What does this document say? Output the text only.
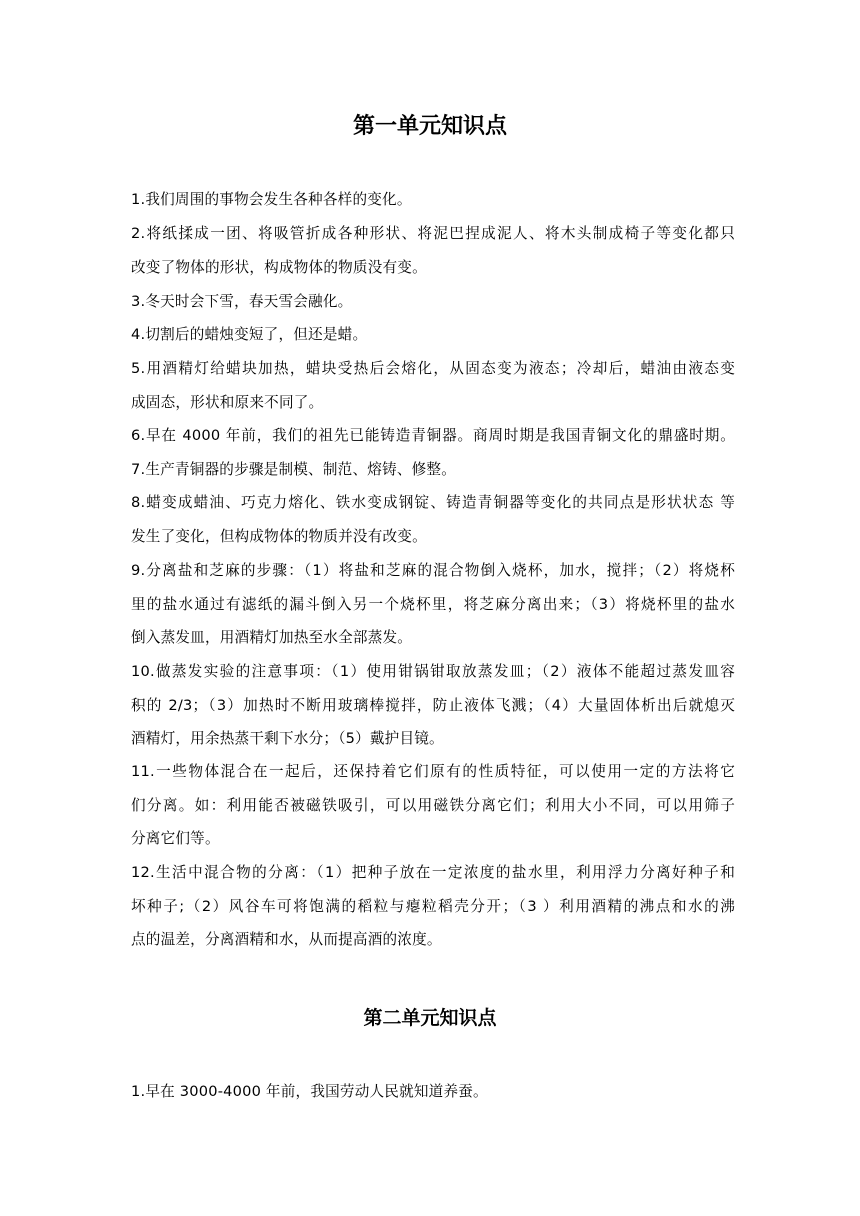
第一单元知识点
1.我们周围的事物会发生各种各样的变化。
2.将纸揉成一团、将吸管折成各种形状、将泥巴捏成泥人、将木头制成椅子等变化都只
改变了物体的形状，构成物体的物质没有变。
3.冬天时会下雪，春天雪会融化。
4.切割后的蜡烛变短了，但还是蜡。
5.用酒精灯给蜡块加热，蜡块受热后会熔化，从固态变为液态；冷却后，蜡油由液态变
成固态，形状和原来不同了。
6.早在 4000 年前，我们的祖先已能铸造青铜器。商周时期是我国青铜文化的鼎盛时期。
7.生产青铜器的步骤是制模、制范、熔铸、修整。
8.蜡变成蜡油、巧克力熔化、铁水变成钢锭、铸造青铜器等变化的共同点是形状状态 等
发生了变化，但构成物体的物质并没有改变。
9.分离盐和芝麻的步骤：（1）将盐和芝麻的混合物倒入烧杯，加水，搅拌；（2）将烧杯
里的盐水通过有滤纸的漏斗倒入另一个烧杯里，将芝麻分离出来；（3）将烧杯里的盐水
倒入蒸发皿，用酒精灯加热至水全部蒸发。
10.做蒸发实验的注意事项：（1）使用钳锅钳取放蒸发皿；（2）液体不能超过蒸发皿容
积的 2/3；（3）加热时不断用玻璃棒搅拌，防止液体飞溅；（4）大量固体析出后就熄灭
酒精灯，用余热蒸干剩下水分；（5）戴护目镜。
11.一些物体混合在一起后，还保持着它们原有的性质特征，可以使用一定的方法将它
们分离。如：利用能否被磁铁吸引，可以用磁铁分离它们；利用大小不同，可以用筛子
分离它们等。
12.生活中混合物的分离：（1）把种子放在一定浓度的盐水里，利用浮力分离好种子和
坏种子;（2）风谷车可将饱满的稻粒与瘪粒稻壳分开；（3 ）利用酒精的沸点和水的沸
点的温差，分离酒精和水，从而提高酒的浓度。
第二单元知识点
1.早在 3000-4000 年前，我国劳动人民就知道养蚕。
